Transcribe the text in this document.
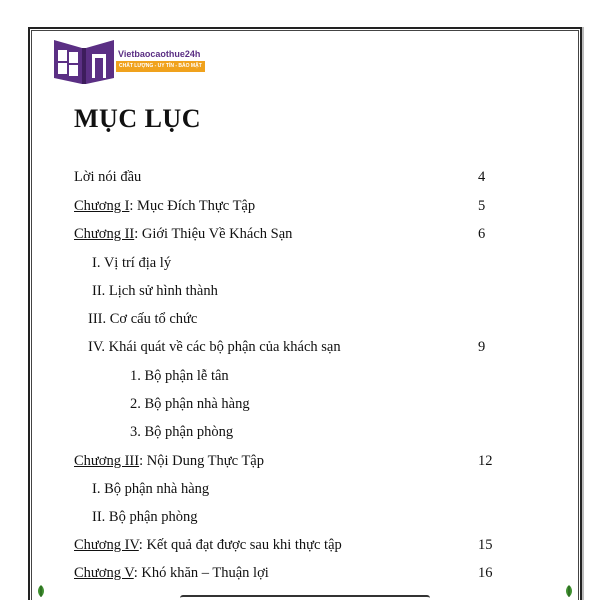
Vietbaocaothue24h
CHẤT LƯỢNG - UY TÍN - BẢO MẬT
MỤC LỤC
Lời nói đầu	4
Chương I: Mục Đích Thực Tập	5
Chương II: Giới Thiệu Về Khách Sạn	6
I. Vị trí địa lý
II. Lịch sử hình thành
III. Cơ cấu tổ chức
IV. Khái quát về các bộ phận của khách sạn	9
1. Bộ phận lễ tân
2. Bộ phận nhà hàng
3. Bộ phận phòng
Chương III: Nội Dung Thực Tập	12
I. Bộ phận nhà hàng
II. Bộ phận phòng
Chương IV: Kết quả đạt được sau khi thực tập	15
Chương V: Khó khăn – Thuận lợi	16
